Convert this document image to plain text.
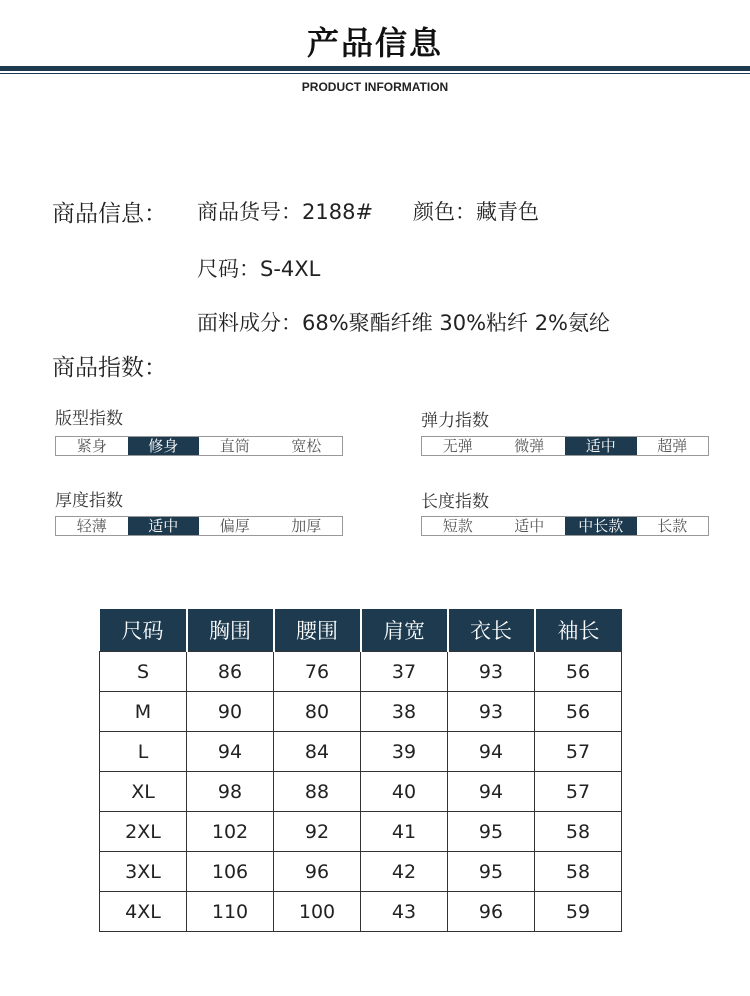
产品信息
PRODUCT INFORMATION
商品信息： 商品货号：2188# 颜色：藏青色
尺码：S-4XL
面料成分：68%聚酯纤维 30%粘纤 2%氨纶
商品指数：
版型指数
紧身	修身	直筒	宽松
弹力指数
无弹	微弹	适中	超弹
厚度指数
轻薄	适中	偏厚	加厚
长度指数
短款	适中	中长款	长款
尺码	胸围	腰围	肩宽	衣长	袖长
S	86	76	37	93	56
M	90	80	38	93	56
L	94	84	39	94	57
XL	98	88	40	94	57
2XL	102	92	41	95	58
3XL	106	96	42	95	58
4XL	110	100	43	96	59
